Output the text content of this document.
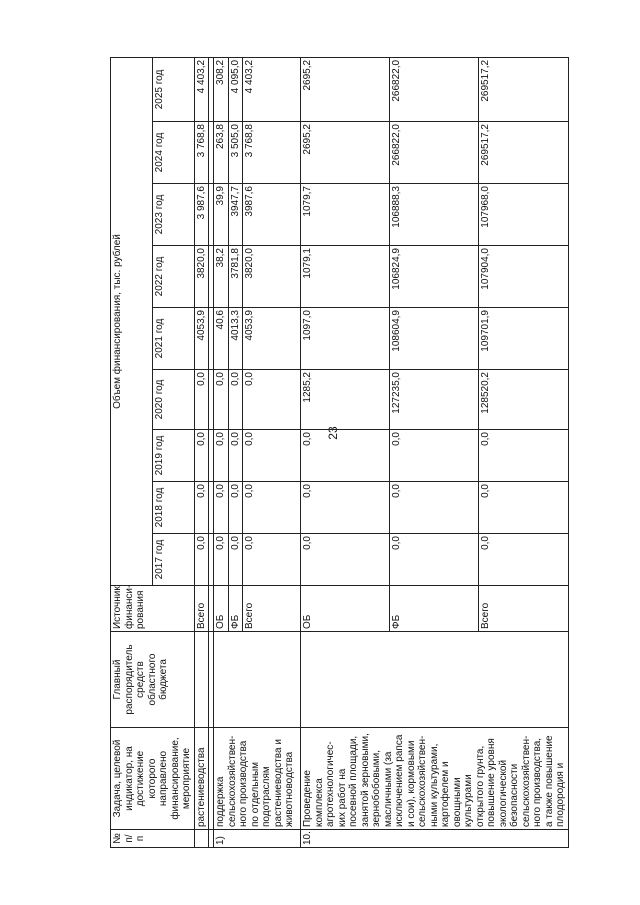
23
№ п/п	Задача, целевой индикатор, на достижение которого направлено финансирование, мероприятие	Главный распорядитель средств областного бюджета	Источник финанси-рования	Объем финансирования, тыс. рублей								
				2017 год	2018 год	2019 год	2020 год	2021 год	2022 год	2023 год	2024 год	2025 год
	растениеводства		Всего	0,0	0,0	0,0	0,0	4053,9	3820,0	3 987,6	3 768,8	4 403,2

1)	поддержка сельскохозяйствен-ного производства по отдельным подотраслям растениеводства и животноводства		ОБ	0,0	0,0	0,0	0,0	40,6	38,2	39,9	263,8	308,2
			ФБ	0,0	0,0	0,0	0,0	4013,3	3781,8	3947,7	3 505,0	4 095,0
			Всего	0,0	0,0	0,0	0,0	4053,9	3820,0	3987,6	3 768,8	4 403,2
10.	Проведение комплекса агротехнологичес-ких работ на посевной площади, занятой зерновыми, зернобобовыми, масличными (за исключением рапса и сои), кормовыми сельскохозяйствен-ными культурами, картофелем и овощными культурами открытого грунта, повышение уровня экологической безопасности сельскохозяйствен-ного производства, а также повышение плодородия и		ОБ	0,0	0,0	0,0	1285,2	1097,0	1079,1	1079,7	2695,2	2695,2
			ФБ	0,0	0,0	0,0	127235,0	108604,9	106824,9	106888,3	266822,0	266822,0
			Всего	0,0	0,0	0,0	128520,2	109701,9	107904,0	107968,0	269517,2	269517,2
